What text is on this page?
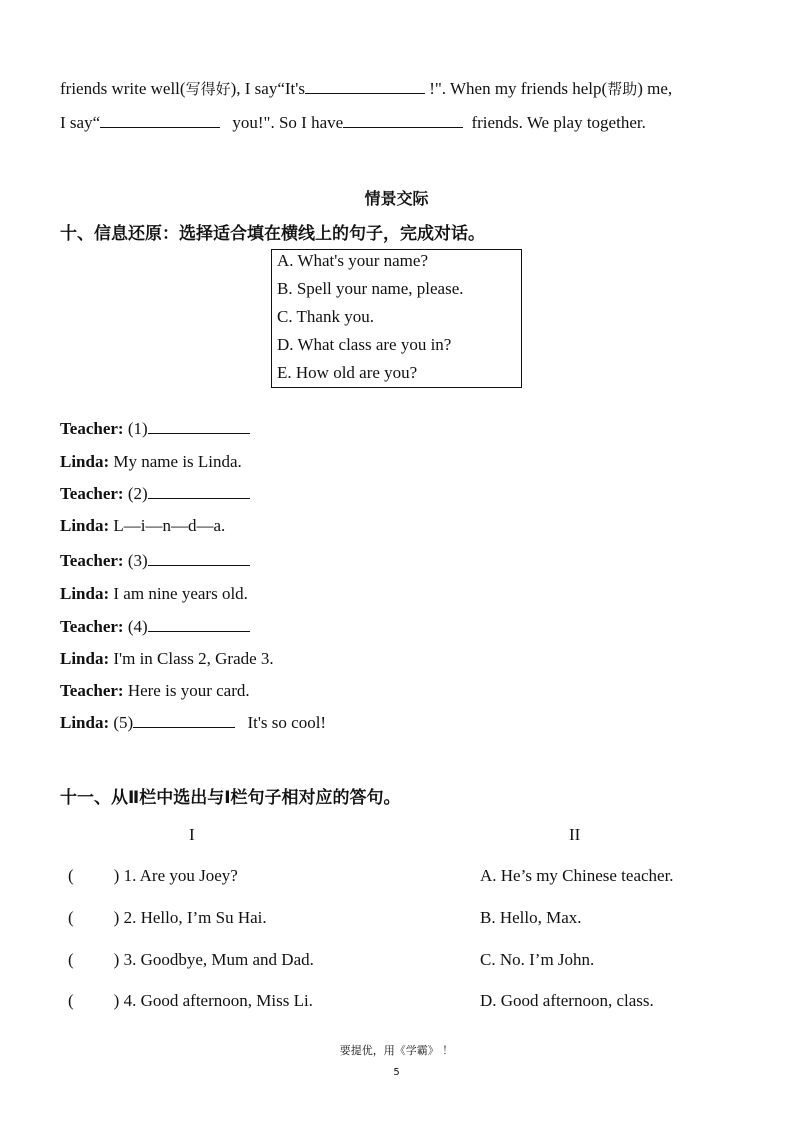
friends write well(写得好), I say“It's	!". When my friends help(帮助) me,
I say“	you!". So I have	friends. We play together.
情景交际
十、信息还原：选择适合填在横线上的句子，完成对话。
A. What's your name?
B. Spell your name, please.
C. Thank you.
D. What class are you in?
E. How old are you?
Teacher: (1)
Linda: My name is Linda.
Teacher: (2)
Linda: L—i—n—d—a.
Teacher: (3)
Linda: I am nine years old.
Teacher: (4)
Linda: I'm in Class 2, Grade 3.
Teacher: Here is your card.
Linda: (5)	It's so cool!
十一、从Ⅱ栏中选出与Ⅰ栏句子相对应的答句。
I	II
( ) 1. Are you Joey?	A. He’s my Chinese teacher.
( ) 2. Hello, I’m Su Hai.	B. Hello, Max.
( ) 3. Goodbye, Mum and Dad.	C. No. I’m John.
( ) 4. Good afternoon, Miss Li.	D. Good afternoon, class.
要提优，用《学霸》 ！
5
